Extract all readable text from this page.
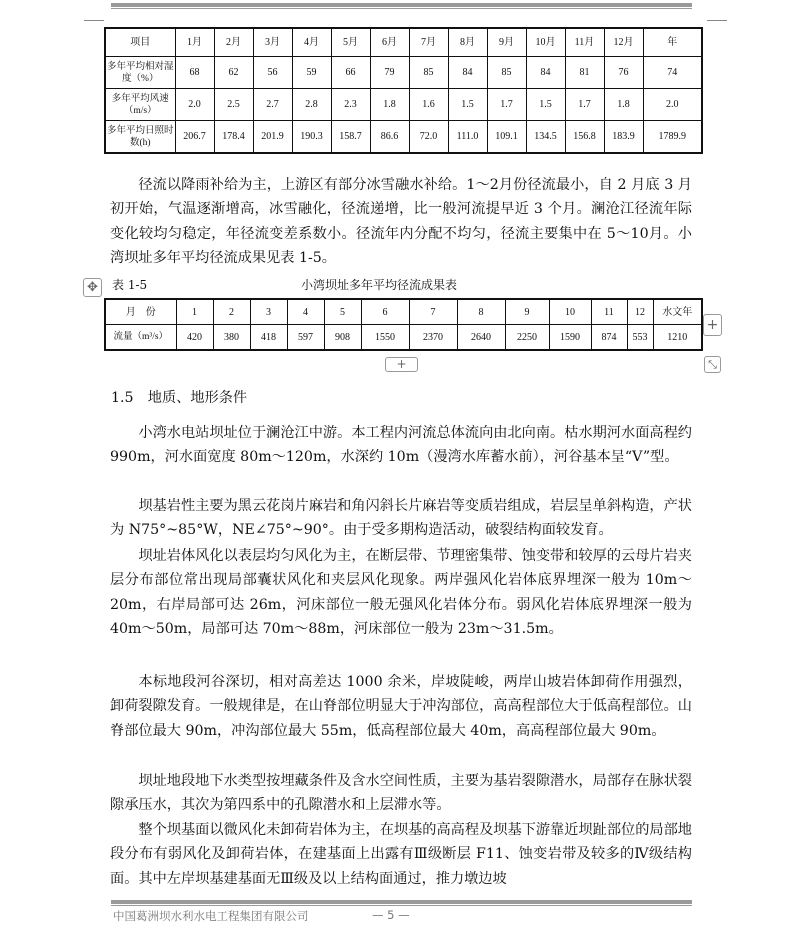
项目	1月	2月	3月	4月	5月	6月	7月	8月	9月	10月	11月	12月	年
多年平均相对湿度（%）	68	62	56	59	66	79	85	84	85	84	81	76	74
多年平均风速（m/s）	2.0	2.5	2.7	2.8	2.3	1.8	1.6	1.5	1.7	1.5	1.7	1.8	2.0
多年平均日照时数(h)	206.7	178.4	201.9	190.3	158.7	86.6	72.0	111.0	109.1	134.5	156.8	183.9	1789.9

径流以降雨补给为主，上游区有部分冰雪融水补给。1～2月份径流最小，自 2 月底 3 月初开始，气温逐渐增高，冰雪融化，径流递增，比一般河流提早近 3 个月。澜沧江径流年际变化较均匀稳定，年径流变差系数小。径流年内分配不均匀，径流主要集中在 5～10月。小湾坝址多年平均径流成果见表 1-5。

✥	表 1-5	小湾坝址多年平均径流成果表
月　份	1	2	3	4	5	6	7	8	9	10	11	12	水文年
流量（m³/s）	420	380	418	597	908	1550	2370	2640	2250	1590	874	553	1210
+
+	⤡
1.5　地质、地形条件

小湾水电站坝址位于澜沧江中游。本工程内河流总体流向由北向南。枯水期河水面高程约 990m，河水面宽度 80m～120m，水深约 10m（漫湾水库蓄水前），河谷基本呈“V”型。

坝基岩性主要为黑云花岗片麻岩和角闪斜长片麻岩等变质岩组成，岩层呈单斜构造，产状为 N75°~85°W，NE∠75°~90°。由于受多期构造活动，破裂结构面较发育。

坝址岩体风化以表层均匀风化为主，在断层带、节理密集带、蚀变带和较厚的云母片岩夹层分布部位常出现局部囊状风化和夹层风化现象。两岸强风化岩体底界埋深一般为 10m～20m，右岸局部可达 26m，河床部位一般无强风化岩体分布。弱风化岩体底界埋深一般为 40m～50m，局部可达 70m～88m，河床部位一般为 23m～31.5m。

本标地段河谷深切，相对高差达 1000 余米，岸坡陡峻，两岸山坡岩体卸荷作用强烈，卸荷裂隙发育。一般规律是，在山脊部位明显大于冲沟部位，高高程部位大于低高程部位。山脊部位最大 90m，冲沟部位最大 55m，低高程部位最大 40m，高高程部位最大 90m。

坝址地段地下水类型按埋藏条件及含水空间性质，主要为基岩裂隙潜水，局部存在脉状裂隙承压水，其次为第四系中的孔隙潜水和上层滞水等。

整个坝基面以微风化未卸荷岩体为主，在坝基的高高程及坝基下游靠近坝趾部位的局部地段分布有弱风化及卸荷岩体，在建基面上出露有Ⅲ级断层 F11、蚀变岩带及较多的Ⅳ级结构面。其中左岸坝基建基面无Ⅲ级及以上结构面通过，推力墩边坡

中国葛洲坝水利水电工程集团有限公司	— 5 —
